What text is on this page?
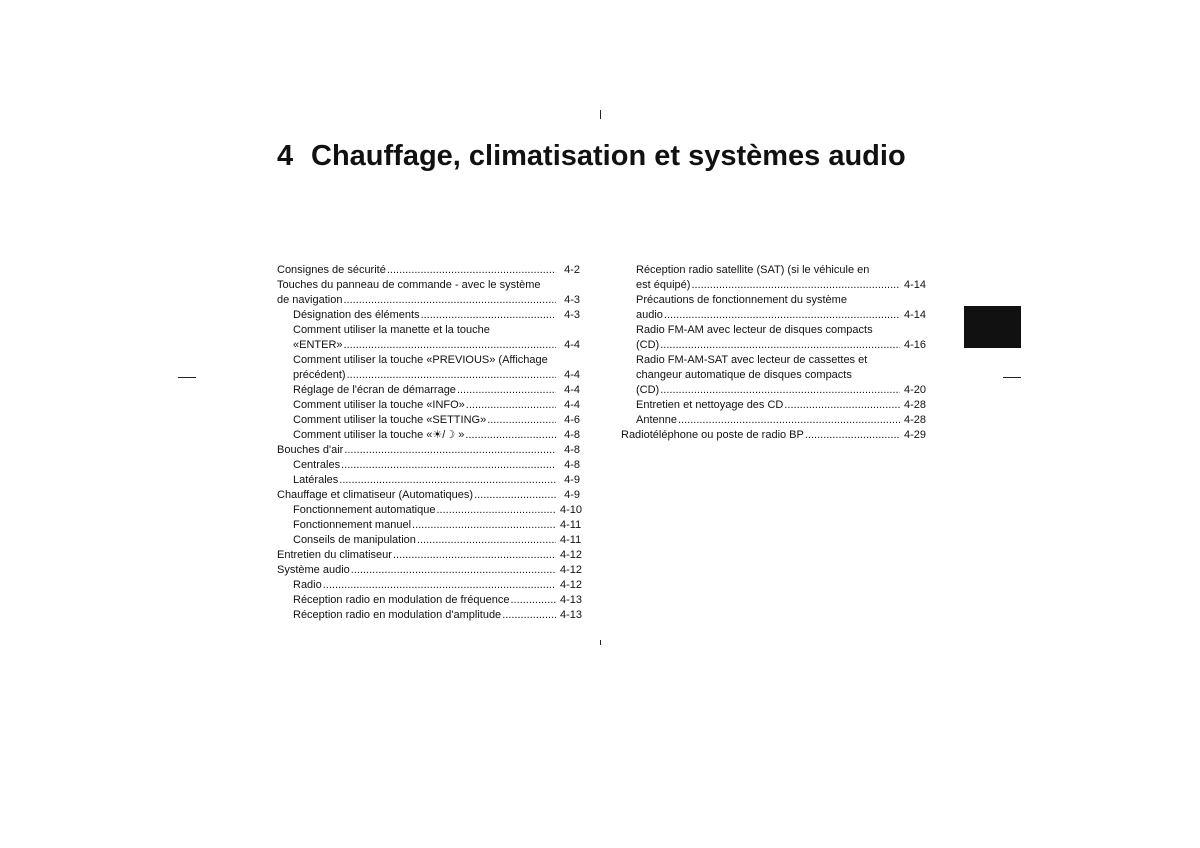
4 Chauffage, climatisation et systèmes audio
Consignes de sécurité .....	4-2
Touches du panneau de commande - avec le système
de navigation .....	4-3
Désignation des éléments .....	4-3
Comment utiliser la manette et la touche
«ENTER» .....	4-4
Comment utiliser la touche «PREVIOUS» (Affichage
précédent) .....	4-4
Réglage de l'écran de démarrage .....	4-4
Comment utiliser la touche «INFO» .....	4-4
Comment utiliser la touche «SETTING» .....	4-6
Comment utiliser la touche «☀/☽ » .....	4-8
Bouches d'air .....	4-8
Centrales .....	4-8
Latérales .....	4-9
Chauffage et climatiseur (Automatiques) .....	4-9
Fonctionnement automatique .....	4-10
Fonctionnement manuel .....	4-11
Conseils de manipulation .....	4-11
Entretien du climatiseur .....	4-12
Système audio .....	4-12
Radio .....	4-12
Réception radio en modulation de fréquence .....	4-13
Réception radio en modulation d'amplitude .....	4-13
Réception radio satellite (SAT) (si le véhicule en
est équipé) .....	4-14
Précautions de fonctionnement du système
audio .....	4-14
Radio FM-AM avec lecteur de disques compacts
(CD) .....	4-16
Radio FM-AM-SAT avec lecteur de cassettes et
changeur automatique de disques compacts
(CD) .....	4-20
Entretien et nettoyage des CD .....	4-28
Antenne .....	4-28
Radiotéléphone ou poste de radio BP .....	4-29
